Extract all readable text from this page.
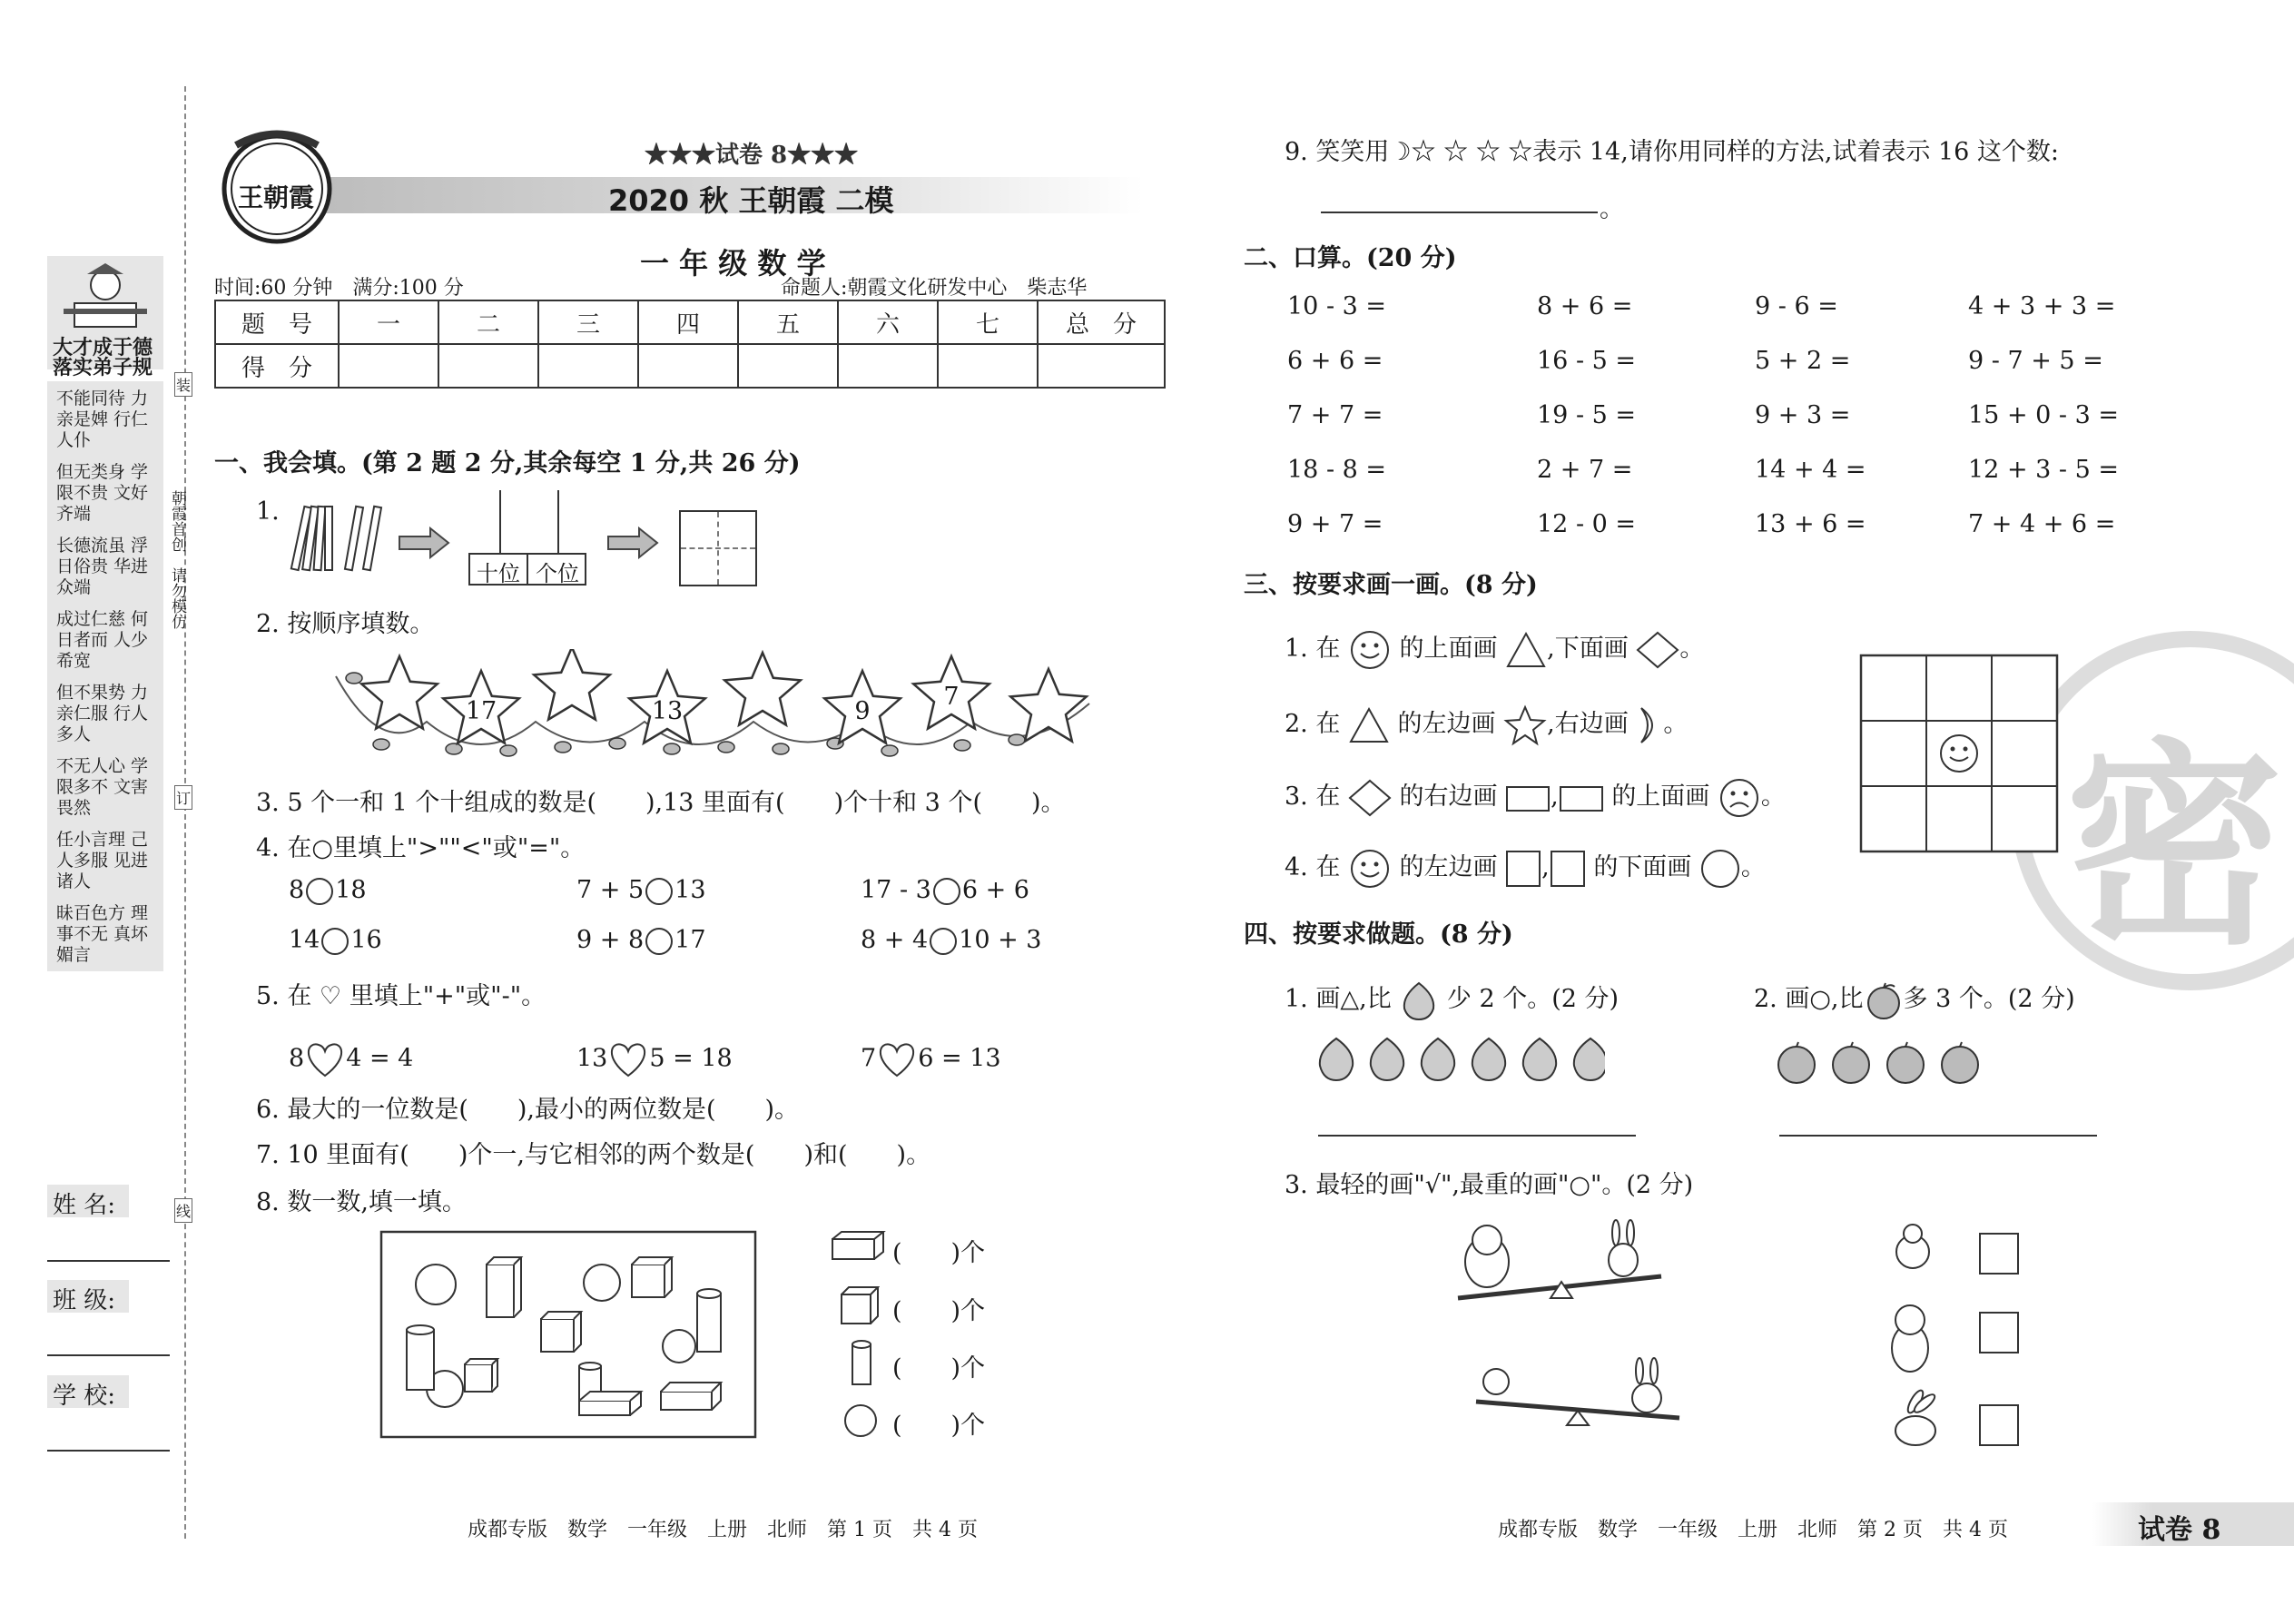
大才成于德
落实弟子规
不能同待 力亲是婢 行仁人仆
但无类身 学限不贵 文好齐端
长德流虽 浮日俗贵 华进众端
成过仁慈 何日者而 人少希宽
但不果势 力亲仁服 行人多人
不无人心 学限多不 文害畏然
任小言理 己人多服 见进诸人
昧百色方 理事不无 真坏媚言
朝霞首创　请勿模仿
装
订
线
姓 名:
班 级:
学 校:
王朝霞
★★★试卷 8★★★
2020 秋 王朝霞 二模
一 年 级 数 学
时间:60 分钟　满分:100 分	命题人:朝霞文化研发中心　柴志华
题　号	一	二	三	四	五	六	七	总　分
得　分								
一、我会填。(第 2 题 2 分,其余每空 1 分,共 26 分)
1.
十位 个位
2. 按顺序填数。
17	13	9
7
3. 5 个一和 1 个十组成的数是(　　),13 里面有(　　)个十和 3 个(　　)。
4. 在○里填上">""<"或"="。
8 18	7 + 5 13	17 - 3 6 + 6
14 16	9 + 8 17	8 + 4 10 + 3
5. 在 ♡ 里填上"+"或"-"。
8 4 = 4	13 5 = 18	7 6 = 13
6. 最大的一位数是(　　),最小的两位数是(　　)。
7. 10 里面有(　　)个一,与它相邻的两个数是(　　)和(　　)。
8. 数一数,填一填。
(　　)个
(　　)个
(　　)个
(　　)个
成都专版　数学　一年级　上册　北师　第 1 页　共 4 页
密
9. 笑笑用☽☆ ☆ ☆ ☆表示 14,请你用同样的方法,试着表示 16 这个数:
。
二、口算。(20 分)
10 - 3 =	8 + 6 =	9 - 6 =	4 + 3 + 3 =
6 + 6 =	16 - 5 =	5 + 2 =	9 - 7 + 5 =
7 + 7 =	19 - 5 =	9 + 3 =	15 + 0 - 3 =
18 - 8 =	2 + 7 =	14 + 4 =	12 + 3 - 5 =
9 + 7 =	12 - 0 =	13 + 6 =	7 + 4 + 6 =
三、按要求画一画。(8 分)
1. 在 的上面画 ,下面画 。
2. 在 的左边画 ,右边画 。
3. 在 的右边画 , 的上面画 。
4. 在 的左边画 , 的下面画 。
四、按要求做题。(8 分)
1. 画△,比 少 2 个。(2 分)	2. 画○,比 多 3 个。(2 分)
3. 最轻的画"√",最重的画"○"。(2 分)
成都专版　数学　一年级　上册　北师　第 2 页　共 4 页	试卷 8
